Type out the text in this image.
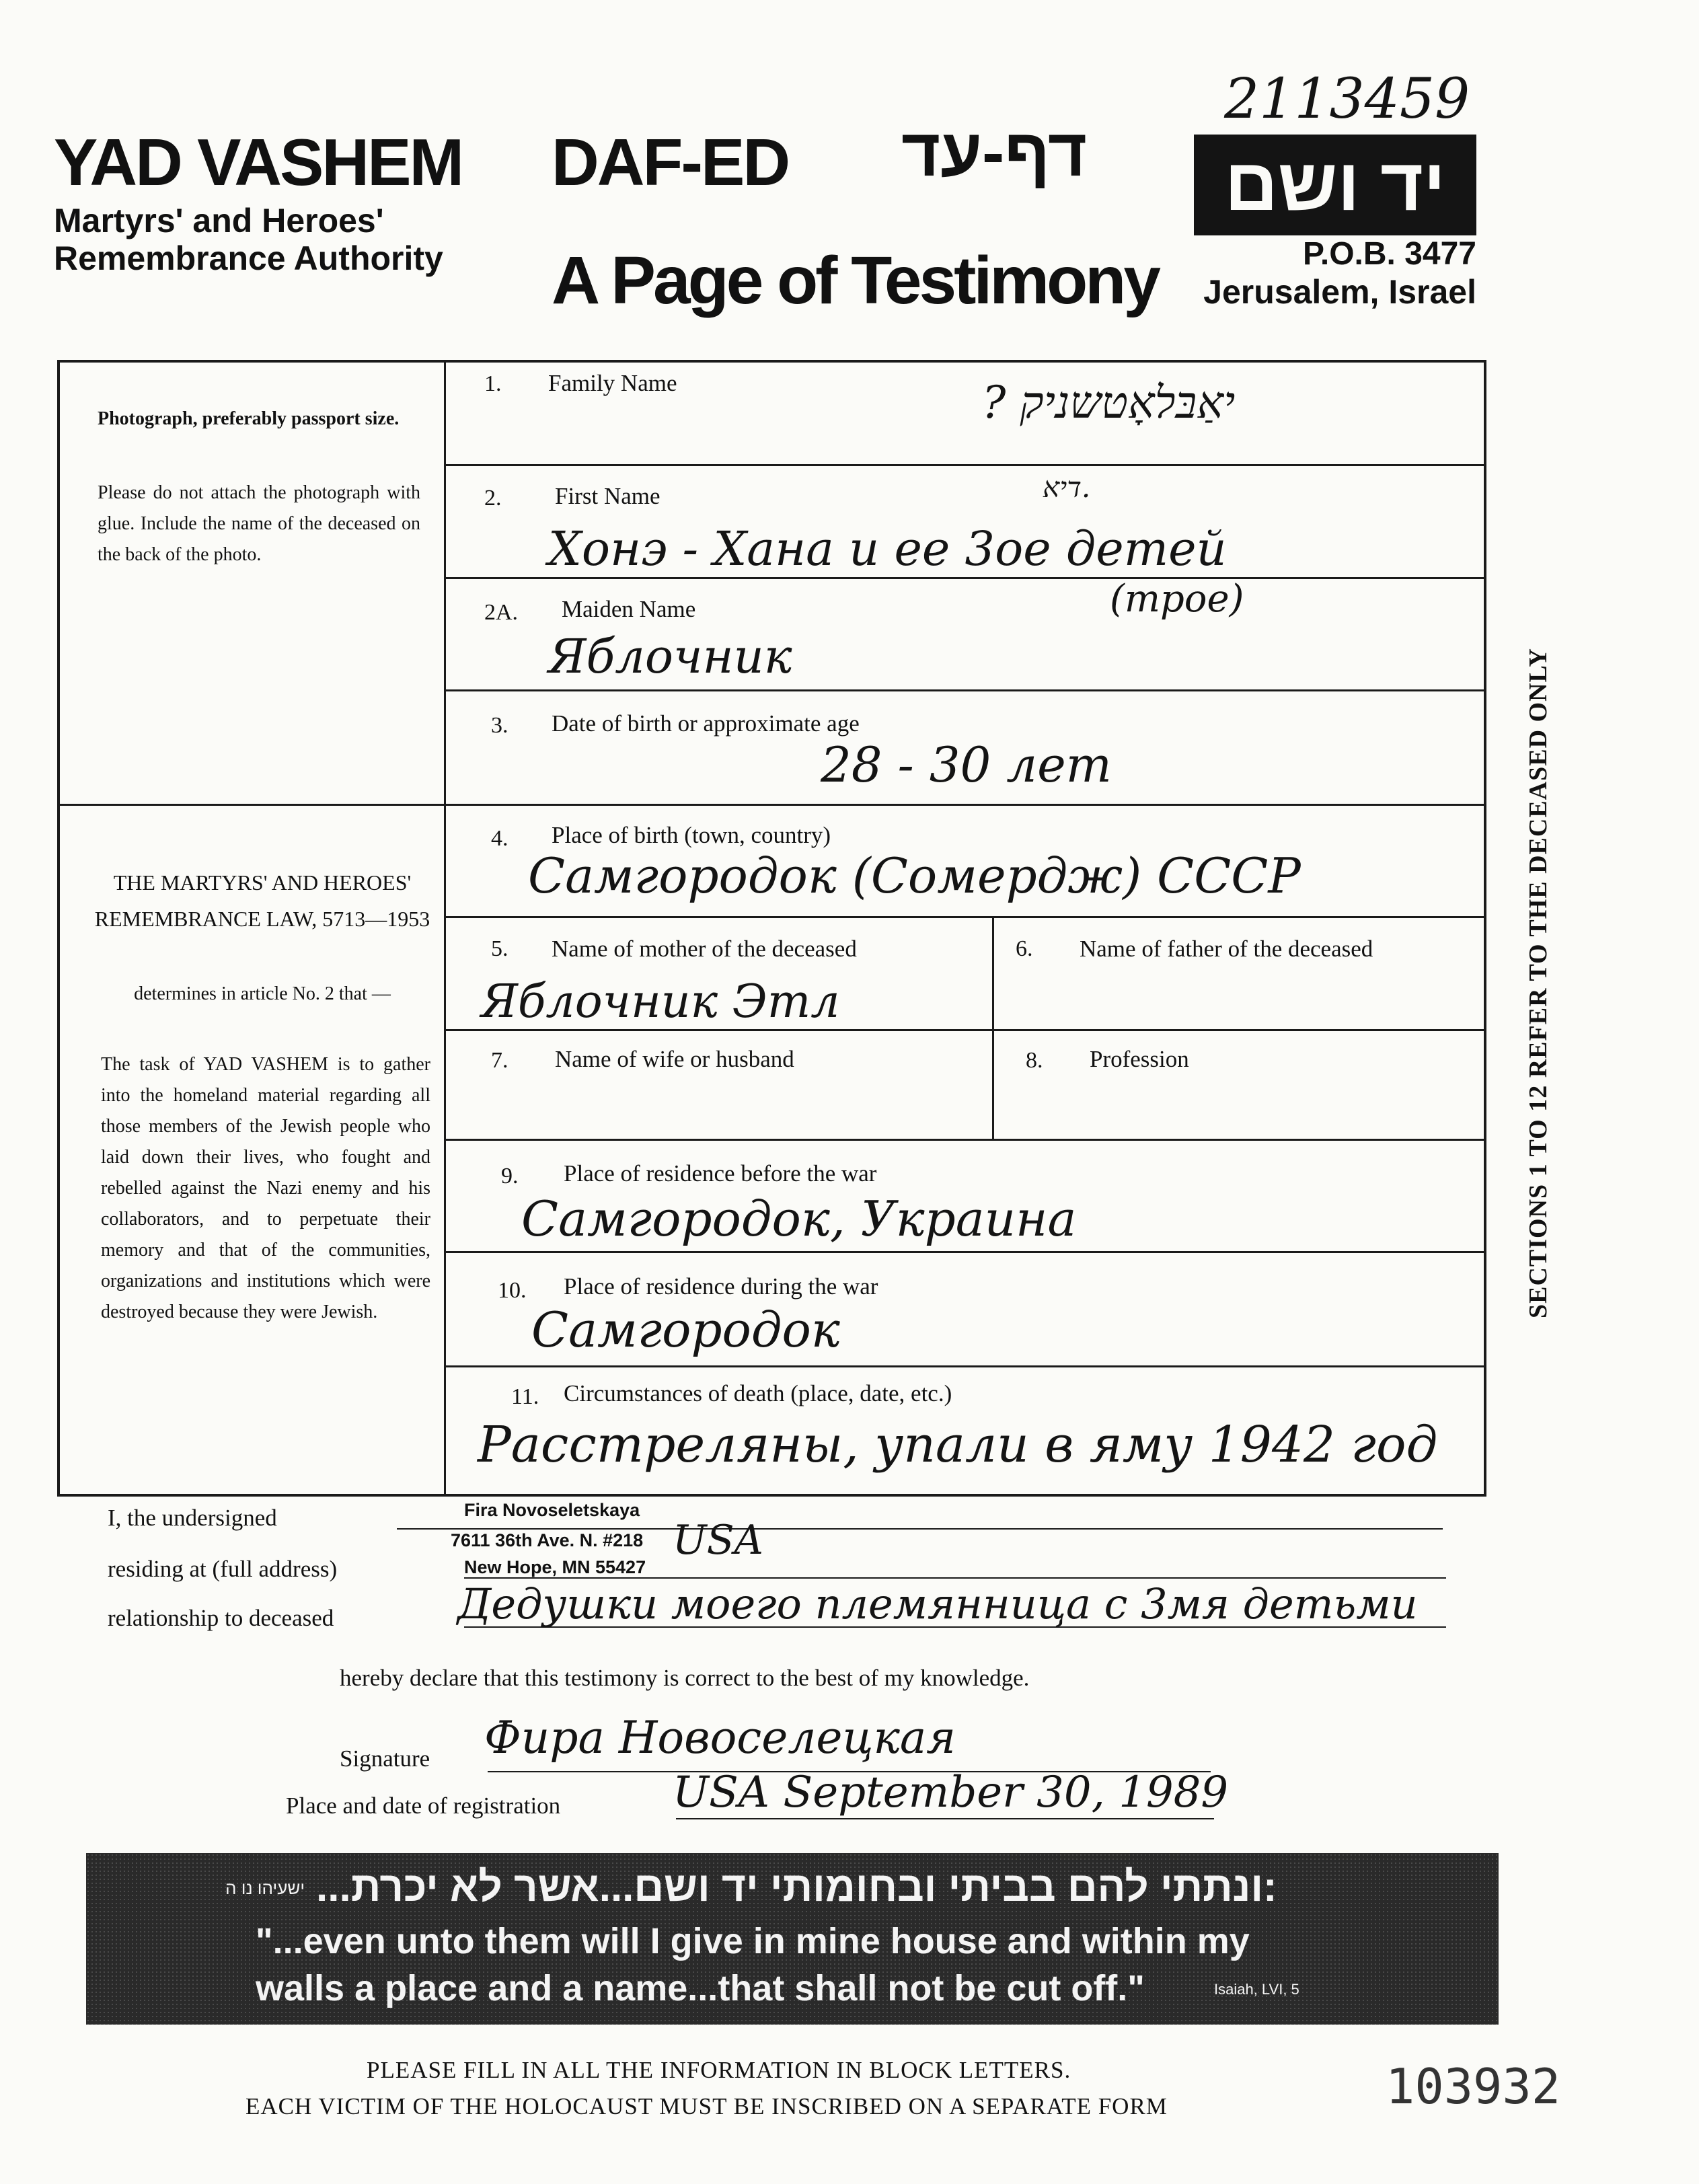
2113459
YAD VASHEM
Martyrs' and Heroes' Remembrance Authority
DAF-ED דף-עד
A Page of Testimony
יד ושם
P.O.B. 3477
Jerusalem, Israel
SECTIONS 1 TO 12 REFER TO THE DECEASED ONLY
Photograph, preferably passport size.
Please do not attach the photograph with glue. Include the name of the deceased on the back of the photo.
THE MARTYRS' AND HEROES' REMEMBRANCE LAW, 5713—1953
determines in article No. 2 that —
The task of YAD VASHEM is to gather into the homeland material regarding all those members of the Jewish people who laid down their lives, who fought and rebelled against the Nazi enemy and his collaborators, and to perpetuate their memory and that of the communities, organizations and institutions which were destroyed because they were Jewish.
1. Family Name	? יאַבּלאָטשניק
2. First Name	דיא.
Хонэ - Хана и ее 3ое детей
2A. Maiden Name	(трое)
Яблочник
3. Date of birth or approximate age
28 - 30 лет
4. Place of birth (town, country)
Самгородок (Сомердж) СССР
5. Name of mother of the deceased
Яблочник Этл
6. Name of father of the deceased
7. Name of wife or husband	8. Profession
9. Place of residence before the war
Самгородок, Украина
10. Place of residence during the war
Самгородок
11. Circumstances of death (place, date, etc.)
Расстреляны, упали в яму 1942 год
I, the undersigned	Fira Novoseletskaya
residing at (full address)
7611 36th Ave. N. #218
New Hope, MN 55427
USA
relationship to deceased	Дедушки моего племянница с 3мя детьми
hereby declare that this testimony is correct to the best of my knowledge.
Signature Фира Новоселецкая
Place and date of registration	USA September 30, 1989
...ונתתי להם בביתי ובחומותי יד ושם...אשר לא יכרת:
ישעיהו נו ה
"...even unto them will I give in mine house and within my
walls a place and a name...that shall not be cut off."	Isaiah, LVI, 5
PLEASE FILL IN ALL THE INFORMATION IN BLOCK LETTERS.
EACH VICTIM OF THE HOLOCAUST MUST BE INSCRIBED ON A SEPARATE FORM	103932
